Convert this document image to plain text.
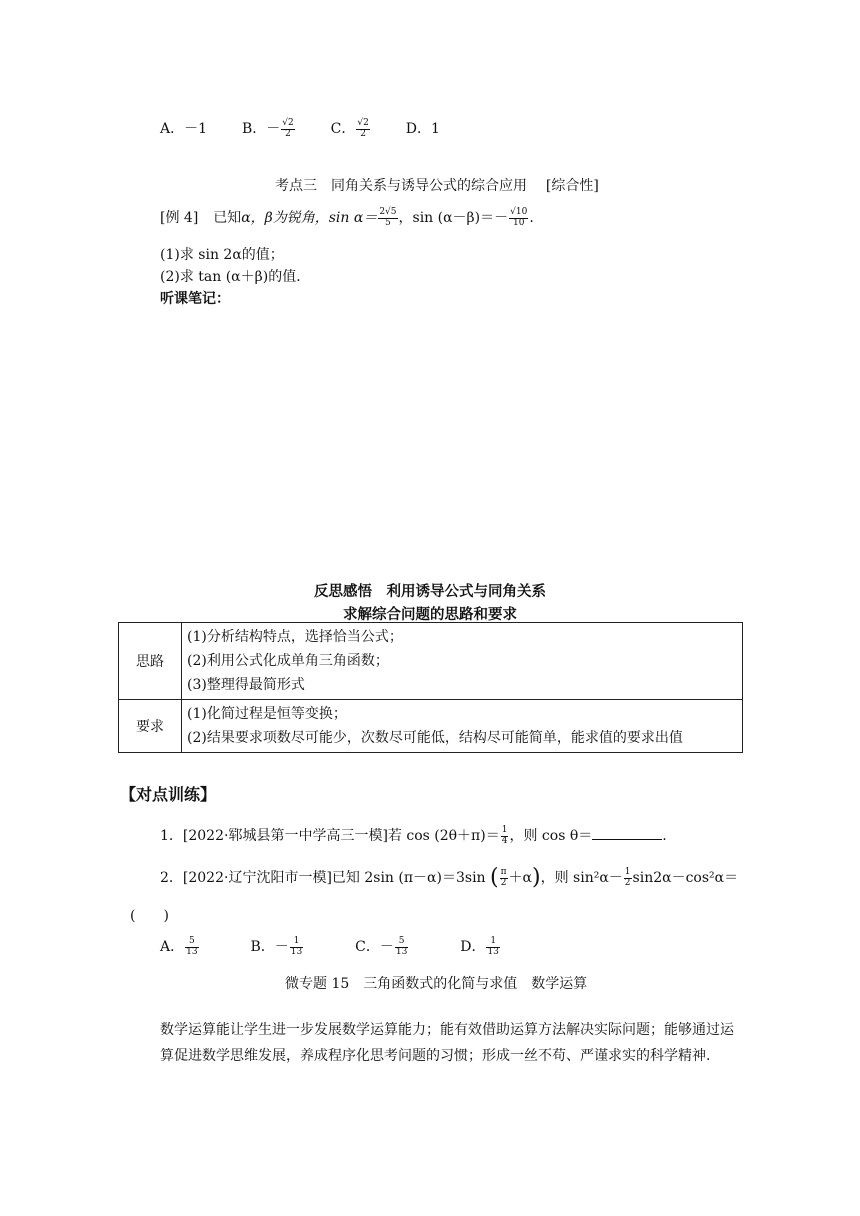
A．－1 B．－ $\frac{√2}{2}$	C． $\frac{√2}{2}$	D．1
考点三　同角关系与诱导公式的综合应用 [综合性]
[例 4] 已知α，β为锐角，$\sin \alpha= \frac{2√5}{5}$ ，$\sin (\alpha-\beta)=- \frac{√10}{10}$ .
(1)求 sin 2α的值；
(2)求 tan (α＋β)的值．
听课笔记：
反思感悟　利用诱导公式与同角关系
求解综合问题的思路和要求
思路	(1)分析结构特点，选择恰当公式；
(2)利用公式化成单角三角函数；
(3)整理得最简形式

要求	(1)化简过程是恒等变换；
(2)结果要求项数尽可能少，次数尽可能低，结构尽可能简单，能求值的要求出值
【对点训练】
1．[2022·郓城县第一中学高三一模]若 $\cos (2\theta+\pi)= \frac{1}{4}$ ，则 cos θ＝	.
2．[2022·辽宁沈阳市一模]已知 2sin (π－α)＝3sin ( $\frac{\pi}{2} +\alpha$)，则 $\sin^2\alpha- \frac{1}{2} \sin 2\alpha-\cos^2\alpha=$
(　　)
A． $\frac{5}{13}$	B．－ $\frac{1}{13}$	C．－ $\frac{5}{13}$	D． $\frac{1}{13}$
微专题 15　三角函数式的化简与求值　数学运算
数学运算能让学生进一步发展数学运算能力；能有效借助运算方法解决实际问题；能够通过运算促进数学思维发展，养成程序化思考问题的习惯；形成一丝不苟、严谨求实的科学精神.
